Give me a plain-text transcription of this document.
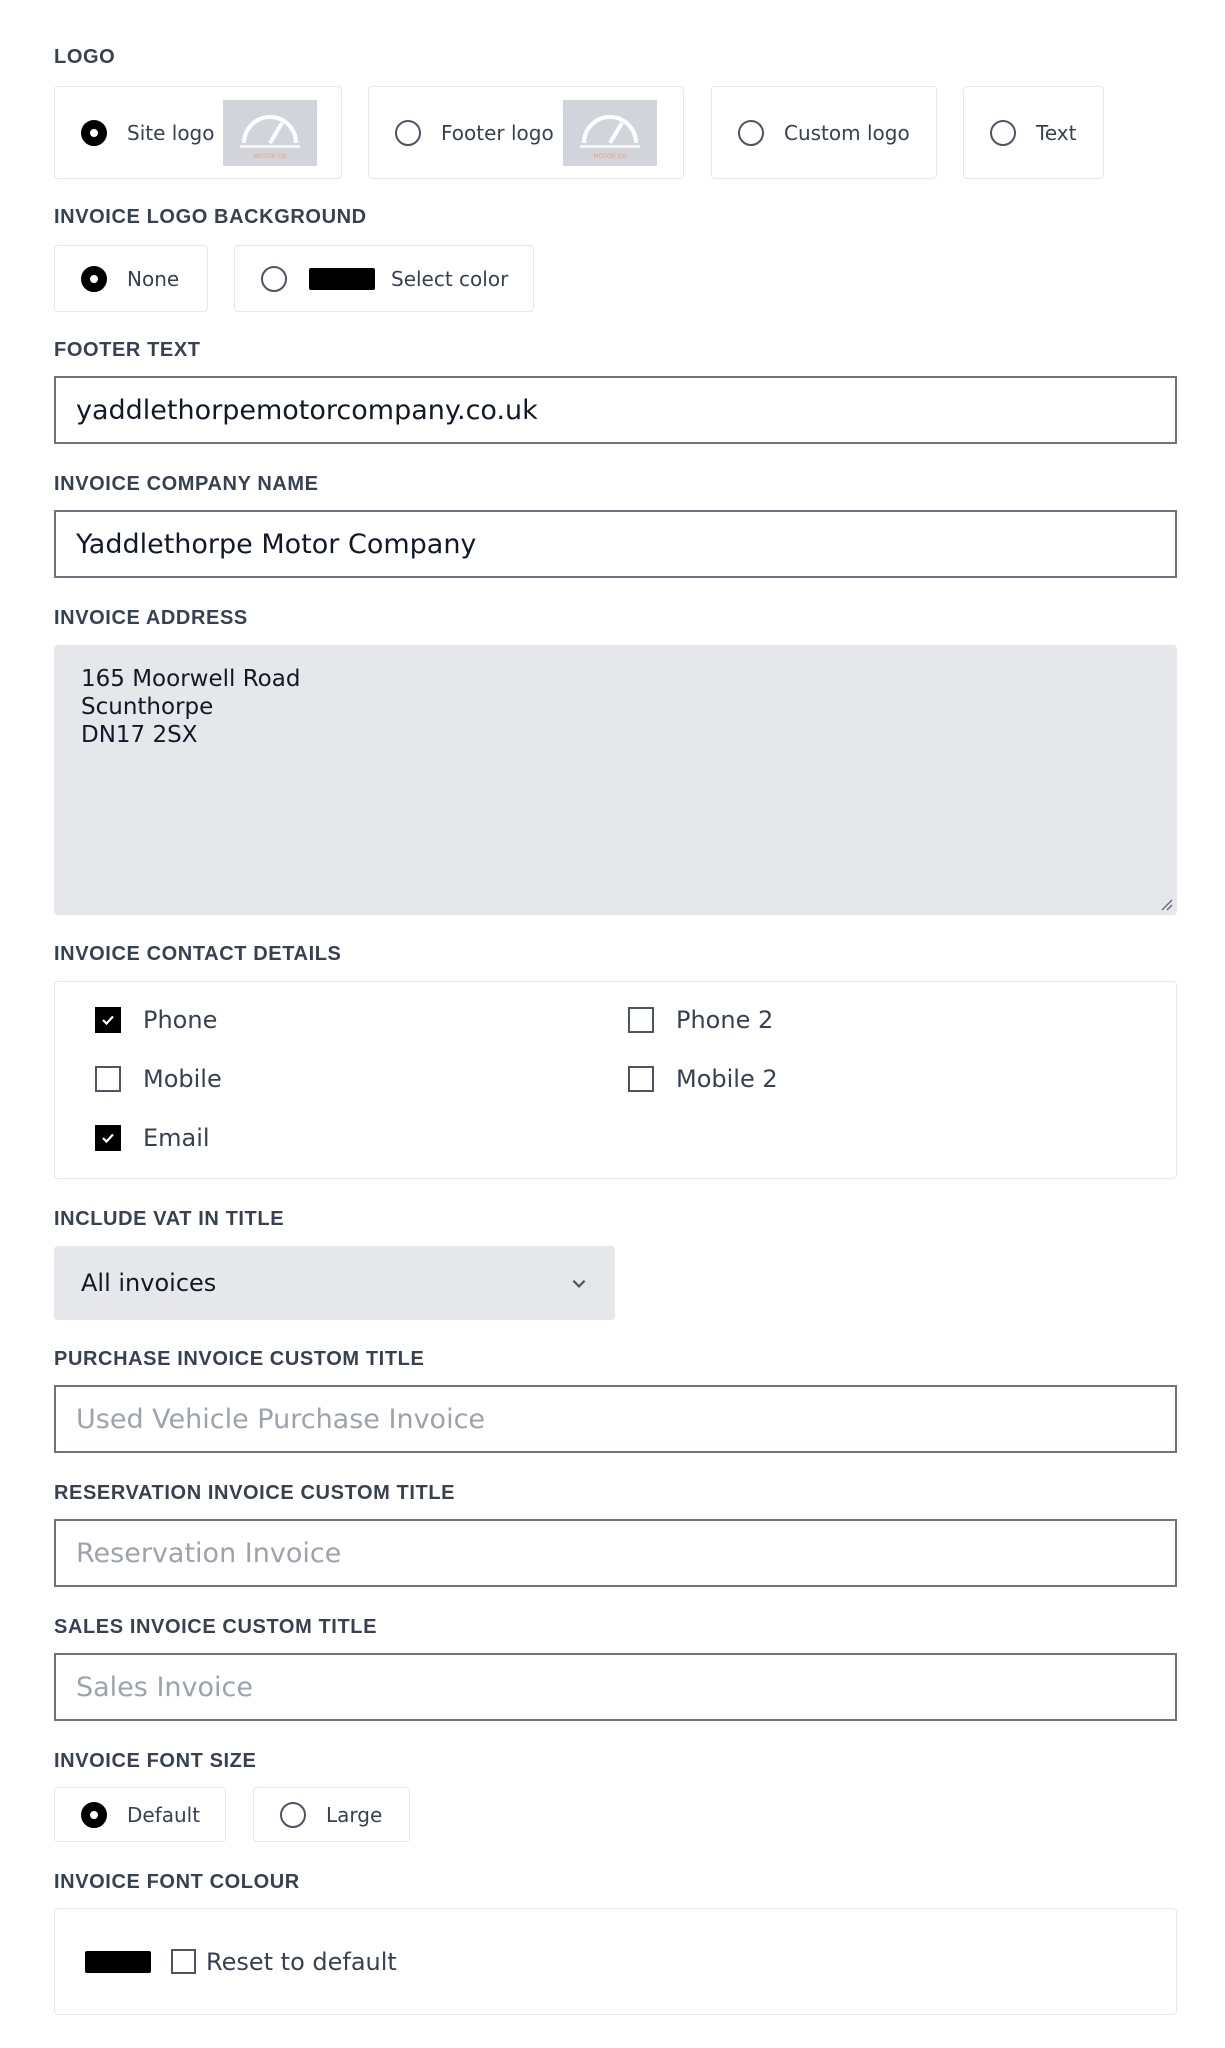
LOGO
Site logo
MOTOR CO
Footer logo
MOTOR CO
Custom logo	Text
INVOICE LOGO BACKGROUND
None	Select color
FOOTER TEXT
yaddlethorpemotorcompany.co.uk
INVOICE COMPANY NAME
Yaddlethorpe Motor Company
INVOICE ADDRESS
165 Moorwell Road
Scunthorpe
DN17 2SX
INVOICE CONTACT DETAILS
Phone	Phone 2
Mobile	Mobile 2
Email
INCLUDE VAT IN TITLE
All invoices
PURCHASE INVOICE CUSTOM TITLE
Used Vehicle Purchase Invoice
RESERVATION INVOICE CUSTOM TITLE
Reservation Invoice
SALES INVOICE CUSTOM TITLE
Sales Invoice
INVOICE FONT SIZE
Default	Large
INVOICE FONT COLOUR
Reset to default
